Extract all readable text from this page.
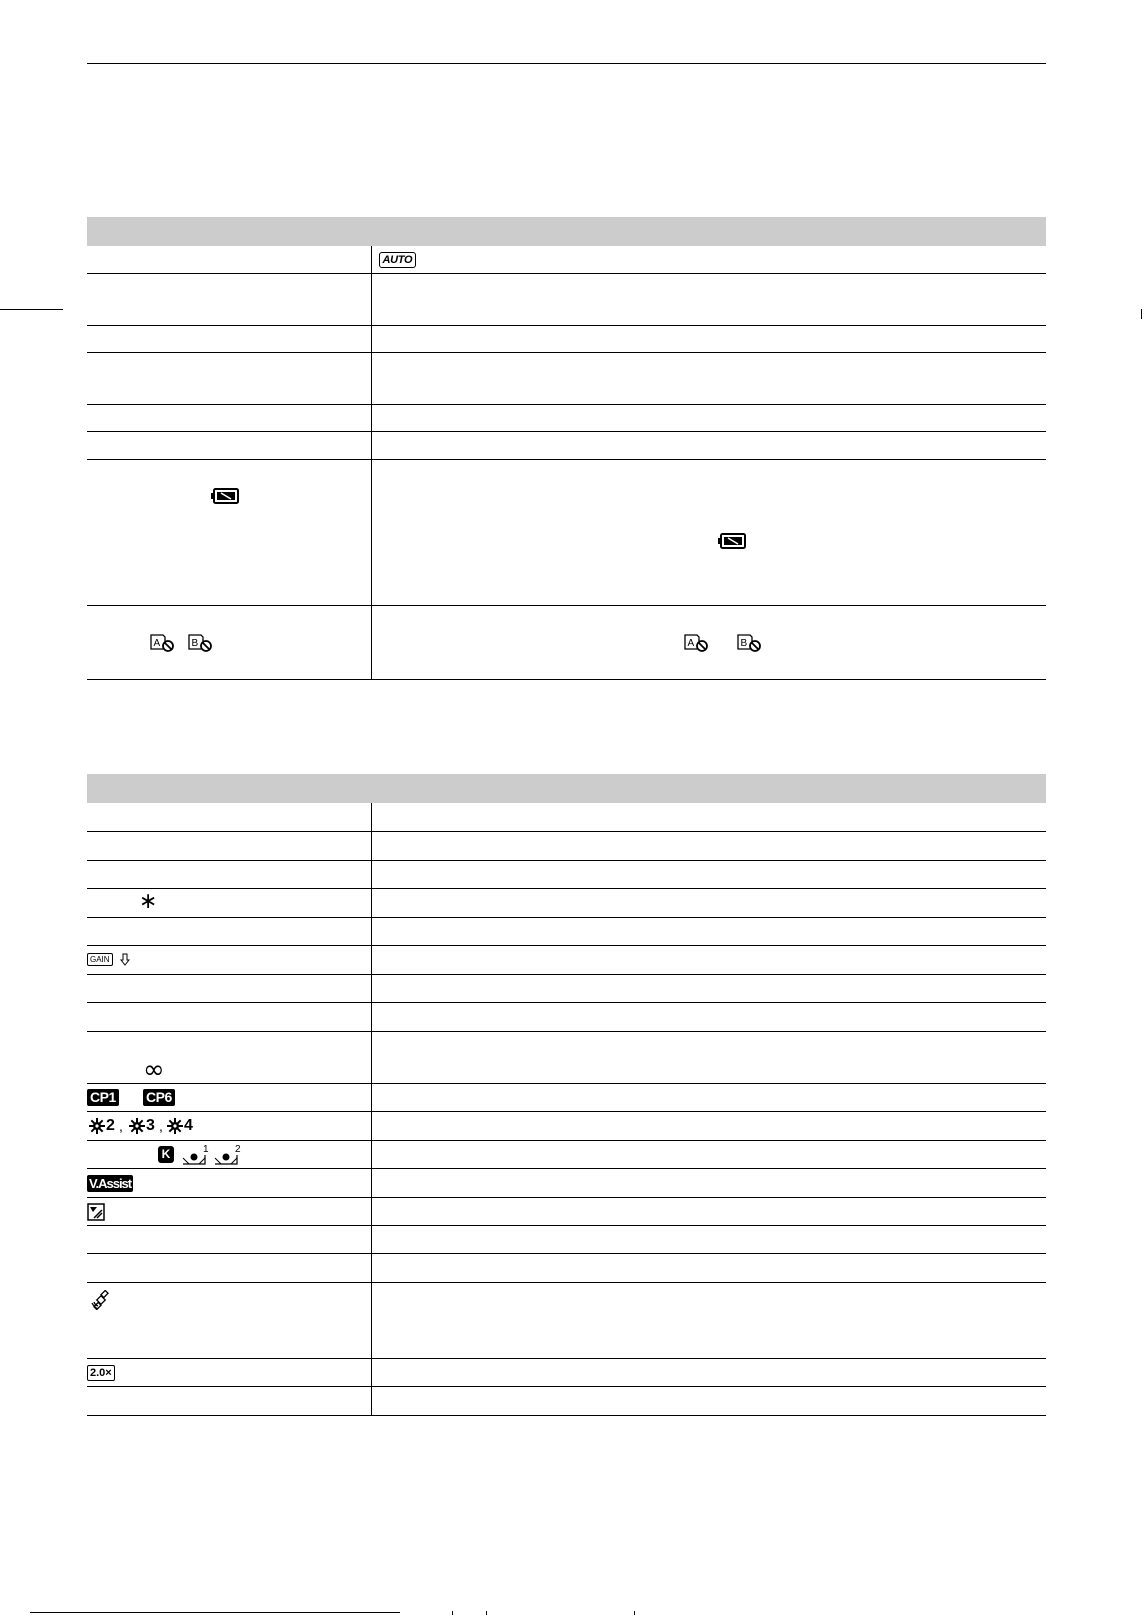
	AUTO

A B	A B

∗	

GAIN	

∞	

CP1 CP6	

2 , 3 , 4	

K 1 2	

V.Assist	

2.0×	
